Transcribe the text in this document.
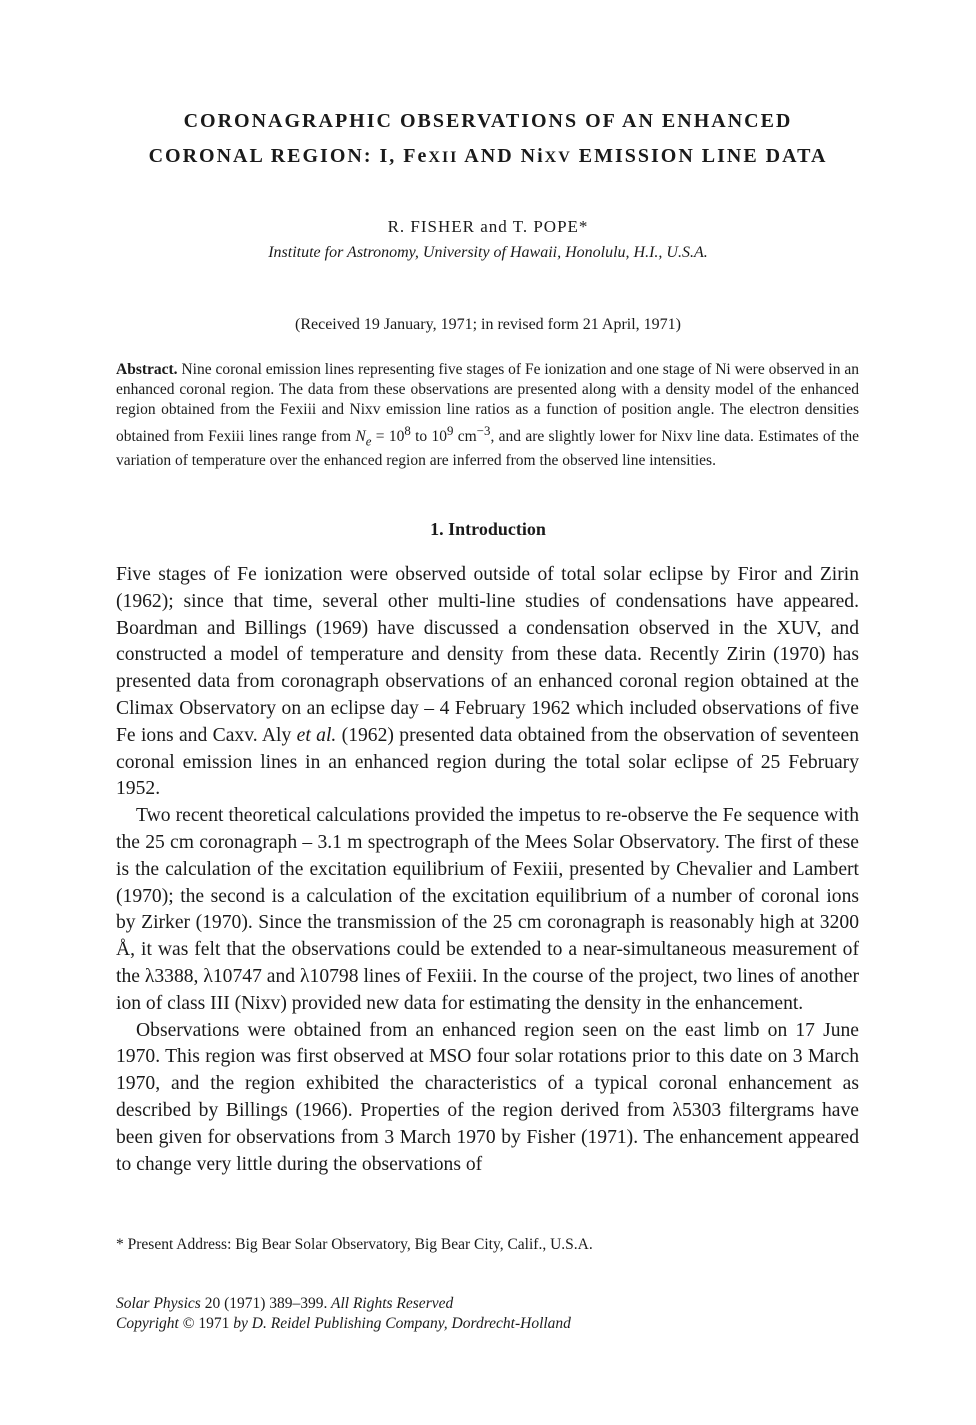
CORONAGRAPHIC OBSERVATIONS OF AN ENHANCED
CORONAL REGION: I, FeXII AND NiXV EMISSION LINE DATA
R. FISHER and T. POPE*
Institute for Astronomy, University of Hawaii, Honolulu, H.I., U.S.A.
(Received 19 January, 1971; in revised form 21 April, 1971)

Abstract. Nine coronal emission lines representing five stages of Fe ionization and one stage of Ni were observed in an enhanced coronal region. The data from these observations are presented along with a density model of the enhanced region obtained from the Fexiii and Nixv emission line ratios as a function of position angle. The electron densities obtained from Fexiii lines range from $N_e = 10^8$ to $10^9$ $cm^{-3}$, and are slightly lower for Nixv line data. Estimates of the variation of temperature over the enhanced region are inferred from the observed line intensities.

1. Introduction

Five stages of Fe ionization were observed outside of total solar eclipse by Firor and Zirin (1962); since that time, several other multi-line studies of condensations have appeared. Boardman and Billings (1969) have discussed a condensation observed in the XUV, and constructed a model of temperature and density from these data. Recently Zirin (1970) has presented data from coronagraph observations of an enhanced coronal region obtained at the Climax Observatory on an eclipse day – 4 February 1962 which included observations of five Fe ions and Caxv. Aly et al. (1962) presented data obtained from the observation of seventeen coronal emission lines in an enhanced region during the total solar eclipse of 25 February 1952.

Two recent theoretical calculations provided the impetus to re-observe the Fe sequence with the 25 cm coronagraph – 3.1 m spectrograph of the Mees Solar Observatory. The first of these is the calculation of the excitation equilibrium of Fexiii, presented by Chevalier and Lambert (1970); the second is a calculation of the excitation equilibrium of a number of coronal ions by Zirker (1970). Since the transmission of the 25 cm coronagraph is reasonably high at 3200 Å, it was felt that the observations could be extended to a near-simultaneous measurement of the λ3388, λ10747 and λ10798 lines of Fexiii. In the course of the project, two lines of another ion of class III (Nixv) provided new data for estimating the density in the enhancement.

Observations were obtained from an enhanced region seen on the east limb on 17 June 1970. This region was first observed at MSO four solar rotations prior to this date on 3 March 1970, and the region exhibited the characteristics of a typical coronal enhancement as described by Billings (1966). Properties of the region derived from λ5303 filtergrams have been given for observations from 3 March 1970 by Fisher (1971). The enhancement appeared to change very little during the observations of

* Present Address: Big Bear Solar Observatory, Big Bear City, Calif., U.S.A.
Solar Physics 20 (1971) 389–399. All Rights Reserved
Copyright © 1971 by D. Reidel Publishing Company, Dordrecht-Holland
